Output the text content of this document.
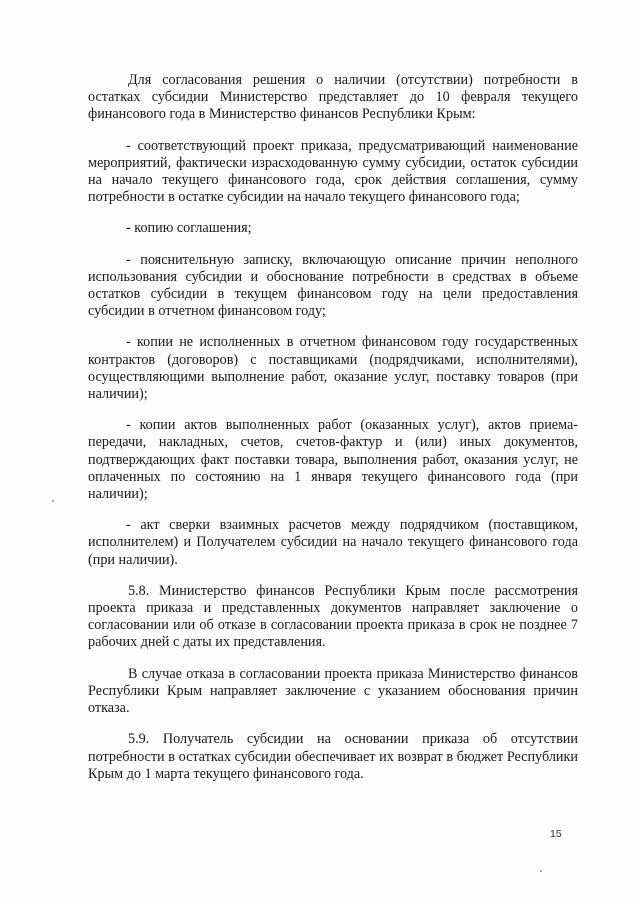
Для согласования решения о наличии (отсутствии) потребности в остатках субсидии Министерство представляет до 10 февраля текущего финансового года в Министерство финансов Республики Крым:

- соответствующий проект приказа, предусматривающий наименование мероприятий, фактически израсходованную сумму субсидии, остаток субсидии на начало текущего финансового года, срок действия соглашения, сумму потребности в остатке субсидии на начало текущего финансового года;

- копию соглашения;

- пояснительную записку, включающую описание причин неполного использования субсидии и обоснование потребности в средствах в объеме остатков субсидии в текущем финансовом году на цели предоставления субсидии в отчетном финансовом году;

- копии не исполненных в отчетном финансовом году государственных контрактов (договоров) с поставщиками (подрядчиками, исполнителями), осуществляющими выполнение работ, оказание услуг, поставку товаров (при наличии);

- копии актов выполненных работ (оказанных услуг), актов приема-передачи, накладных, счетов, счетов-фактур и (или) иных документов, подтверждающих факт поставки товара, выполнения работ, оказания услуг, не оплаченных по состоянию на 1 января текущего финансового года (при наличии);

- акт сверки взаимных расчетов между подрядчиком (поставщиком, исполнителем) и Получателем субсидии на начало текущего финансового года (при наличии).

5.8. Министерство финансов Республики Крым после рассмотрения проекта приказа и представленных документов направляет заключение о согласовании или об отказе в согласовании проекта приказа в срок не позднее 7 рабочих дней с даты их представления.

В случае отказа в согласовании проекта приказа Министерство финансов Республики Крым направляет заключение с указанием обоснования причин отказа.

5.9. Получатель субсидии на основании приказа об отсутствии потребности в остатках субсидии обеспечивает их возврат в бюджет Республики Крым до 1 марта текущего финансового года.

15
